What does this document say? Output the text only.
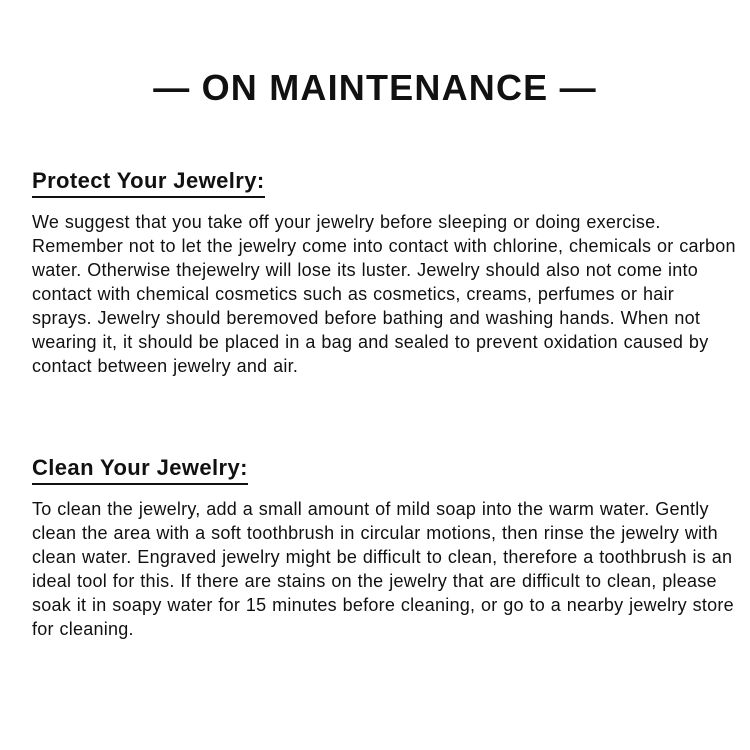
— ON MAINTENANCE —
Protect Your Jewelry:

We suggest that you take off your jewelry before sleeping or doing exercise. Remember not to let the jewelry come into contact with chlorine, chemicals or carbon water. Otherwise thejewelry will lose its luster. Jewelry should also not come into contact with chemical cosmetics such as cosmetics, creams, perfumes or hair sprays. Jewelry should beremoved before bathing and washing hands. When not wearing it, it should be placed in a bag and sealed to prevent oxidation caused by contact between jewelry and air.

Clean Your Jewelry:

To clean the jewelry, add a small amount of mild soap into the warm water. Gently clean the area with a soft toothbrush in circular motions, then rinse the jewelry with clean water. Engraved jewelry might be difficult to clean, therefore a toothbrush is an ideal tool for this. If there are stains on the jewelry that are difficult to clean, please soak it in soapy water for 15 minutes before cleaning, or go to a nearby jewelry store for cleaning.
